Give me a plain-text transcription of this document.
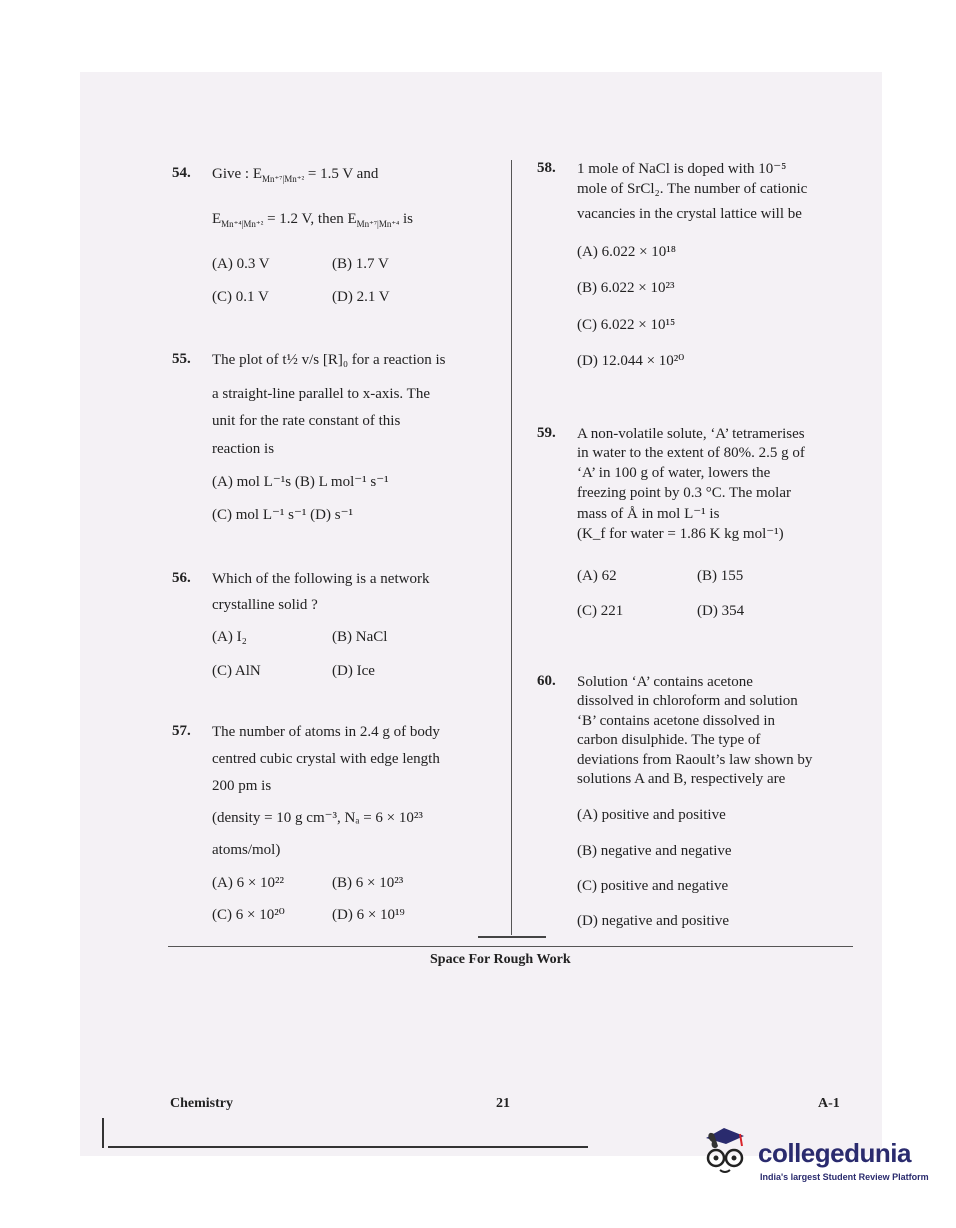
54. Give : $E_{Mn^{+7}|Mn^{+2}} = 1.5$ V and
$E_{Mn^{+4}|Mn^{+2}} = 1.2$ V, then $E_{Mn^{+7}|Mn^{+4}}$ is
(A) 0.3 V	(B) 1.7 V
(C) 0.1 V	(D) 2.1 V
55. The plot of t½ v/s [R]₀ for a reaction is
a straight-line parallel to x-axis. The
unit for the rate constant of this
reaction is
(A) mol L⁻¹s (B) L mol⁻¹ s⁻¹
(C) mol L⁻¹ s⁻¹ (D) s⁻¹
56. Which of the following is a network
crystalline solid ?
(A) I₂	(B) NaCl
(C) AlN	(D) Ice
57. The number of atoms in 2.4 g of body
centred cubic crystal with edge length
200 pm is
(density = 10 g cm⁻³, Nₐ = 6 × 10²³
atoms/mol)
(A) 6 × 10²²	(B) 6 × 10²³
(C) 6 × 10²⁰	(D) 6 × 10¹⁹
58. 1 mole of NaCl is doped with 10⁻⁵
mole of SrCl₂. The number of cationic
vacancies in the crystal lattice will be
(A) 6.022 × 10¹⁸
(B) 6.022 × 10²³
(C) 6.022 × 10¹⁵
(D) 12.044 × 10²⁰
59. A non-volatile solute, ‘A’ tetramerises
in water to the extent of 80%. 2.5 g of
‘A’ in 100 g of water, lowers the
freezing point by 0.3 °C. The molar
mass of Å in mol L⁻¹ is
(K_f for water = 1.86 K kg mol⁻¹)
(A) 62	(B) 155
(C) 221	(D) 354
60. Solution ‘A’ contains acetone
dissolved in chloroform and solution
‘B’ contains acetone dissolved in
carbon disulphide. The type of
deviations from Raoult’s law shown by
solutions A and B, respectively are
(A) positive and positive
(B) negative and negative
(C) positive and negative
(D) negative and positive
Space For Rough Work
Chemistry	21	A-1
collegedunia
India's largest Student Review Platform
